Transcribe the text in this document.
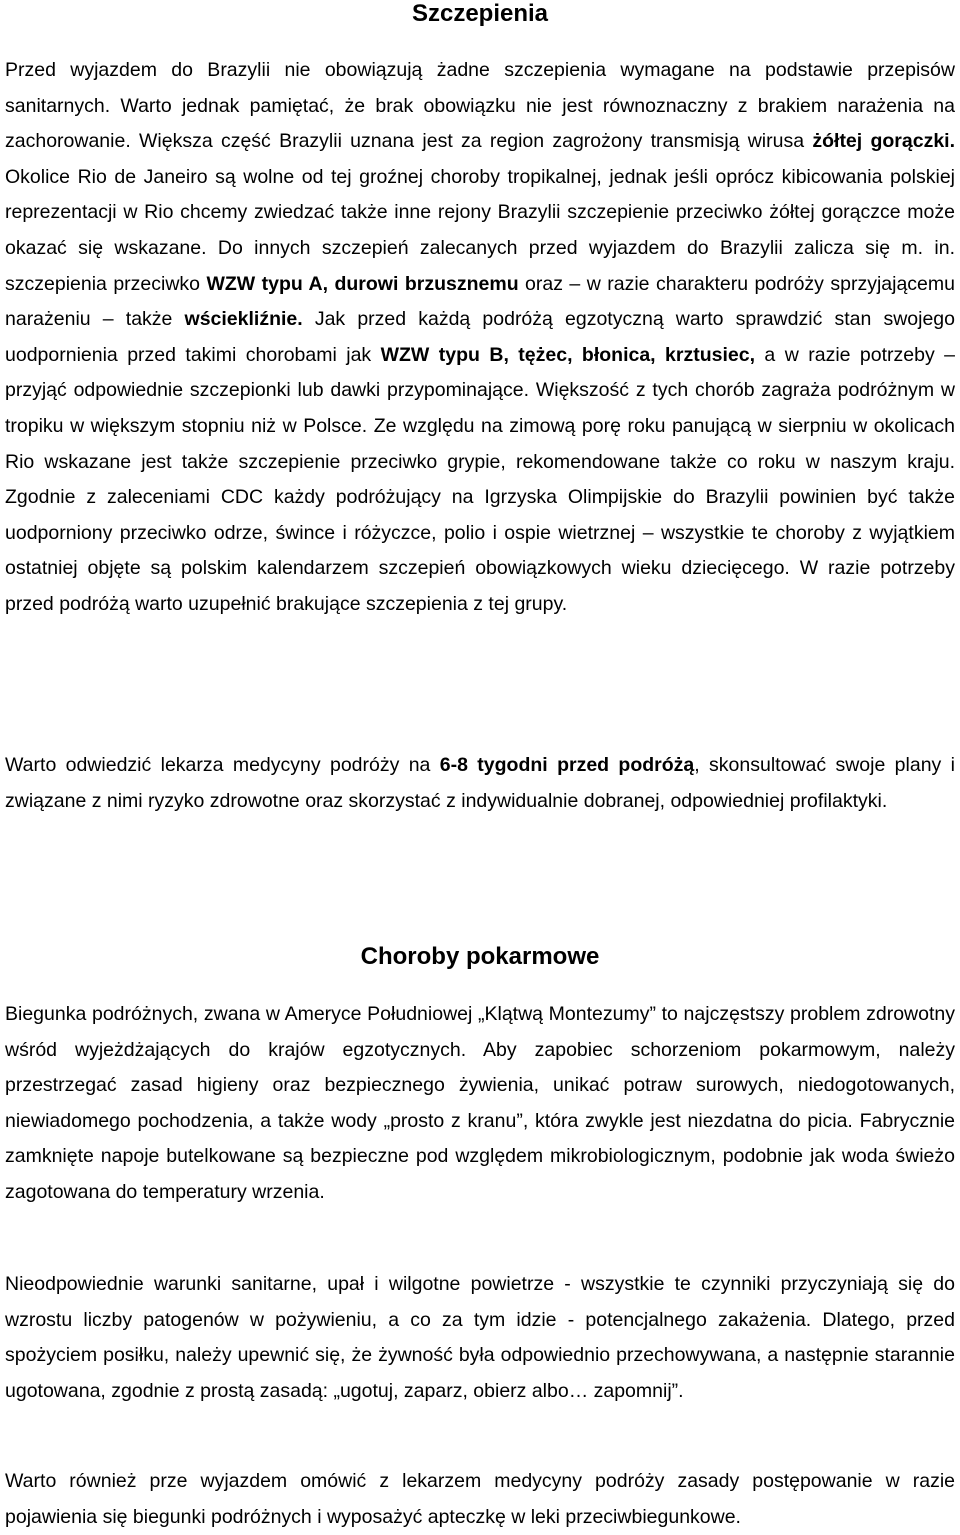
Szczepienia

Przed wyjazdem do Brazylii nie obowiązują żadne szczepienia wymagane na podstawie przepisów sanitarnych. Warto jednak pamiętać, że brak obowiązku nie jest równoznaczny z brakiem narażenia na zachorowanie. Większa część Brazylii uznana jest za region zagrożony transmisją wirusa żółtej gorączki. Okolice Rio de Janeiro są wolne od tej groźnej choroby tropikalnej, jednak jeśli oprócz kibicowania polskiej reprezentacji w Rio chcemy zwiedzać także inne rejony Brazylii szczepienie przeciwko żółtej gorączce może okazać się wskazane. Do innych szczepień zalecanych przed wyjazdem do Brazylii zalicza się m. in. szczepienia przeciwko WZW typu A, durowi brzusznemu oraz – w razie charakteru podróży sprzyjającemu narażeniu – także wściekliźnie. Jak przed każdą podróżą egzotyczną warto sprawdzić stan swojego uodpornienia przed takimi chorobami jak WZW typu B, tężec, błonica, krztusiec, a w razie potrzeby – przyjąć odpowiednie szczepionki lub dawki przypominające. Większość z tych chorób zagraża podróżnym w tropiku w większym stopniu niż w Polsce. Ze względu na zimową porę roku panującą w sierpniu w okolicach Rio wskazane jest także szczepienie przeciwko grypie, rekomendowane także co roku w naszym kraju. Zgodnie z zaleceniami CDC każdy podróżujący na Igrzyska Olimpijskie do Brazylii powinien być także uodporniony przeciwko odrze, śwince i różyczce, polio i ospie wietrznej – wszystkie te choroby z wyjątkiem ostatniej objęte są polskim kalendarzem szczepień obowiązkowych wieku dziecięcego. W razie potrzeby przed podróżą warto uzupełnić brakujące szczepienia z tej grupy.

Warto odwiedzić lekarza medycyny podróży na 6-8 tygodni przed podróżą, skonsultować swoje plany i związane z nimi ryzyko zdrowotne oraz skorzystać z indywidualnie dobranej, odpowiedniej profilaktyki.

Choroby pokarmowe

Biegunka podróżnych, zwana w Ameryce Południowej „Klątwą Montezumy” to najczęstszy problem zdrowotny wśród wyjeżdżających do krajów egzotycznych. Aby zapobiec schorzeniom pokarmowym, należy przestrzegać zasad higieny oraz bezpiecznego żywienia, unikać potraw surowych, niedogotowanych, niewiadomego pochodzenia, a także wody „prosto z kranu”, która zwykle jest niezdatna do picia. Fabrycznie zamknięte napoje butelkowane są bezpieczne pod względem mikrobiologicznym, podobnie jak woda świeżo zagotowana do temperatury wrzenia.

Nieodpowiednie warunki sanitarne, upał i wilgotne powietrze - wszystkie te czynniki przyczyniają się do wzrostu liczby patogenów w pożywieniu, a co za tym idzie - potencjalnego zakażenia. Dlatego, przed spożyciem posiłku, należy upewnić się, że żywność była odpowiednio przechowywana, a następnie starannie ugotowana, zgodnie z prostą zasadą: „ugotuj, zaparz, obierz albo… zapomnij”.

Warto również prze wyjazdem omówić z lekarzem medycyny podróży zasady postępowanie w razie pojawienia się biegunki podróżnych i wyposażyć apteczkę w leki przeciwbiegunkowe.
